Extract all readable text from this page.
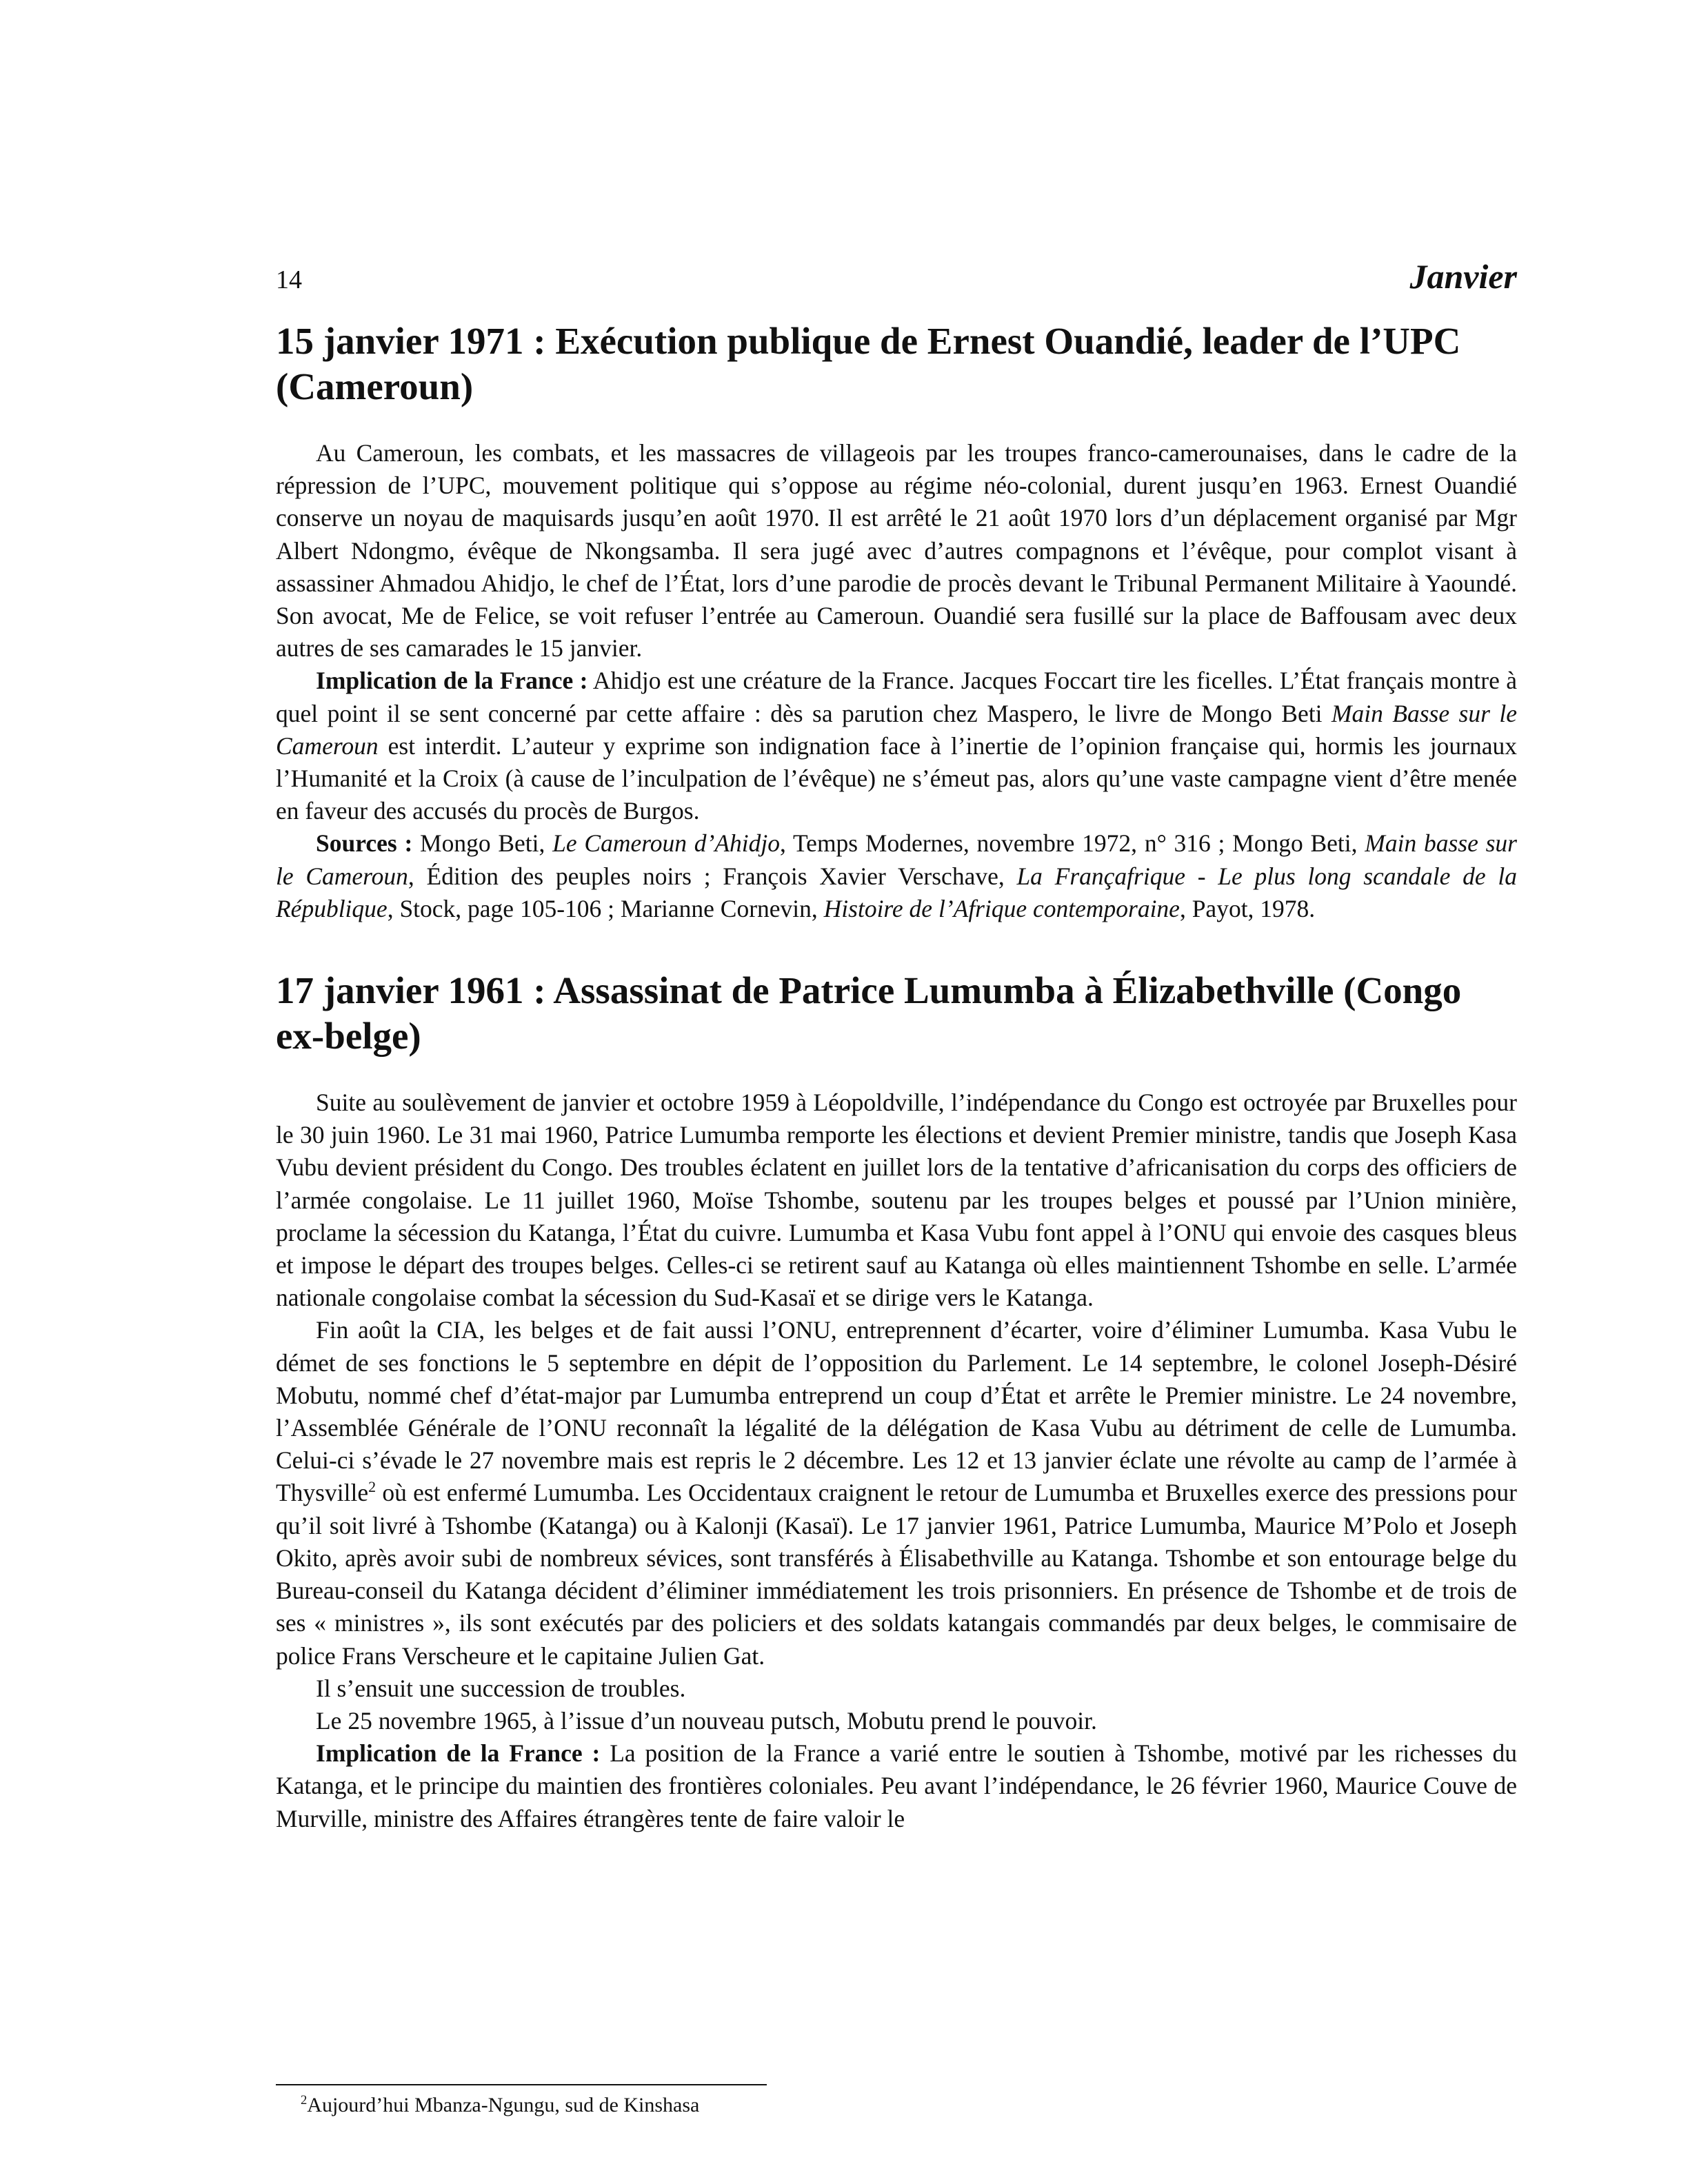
14	Janvier
15 janvier 1971 : Exécution publique de Ernest Ouandié, leader de l’UPC (Cameroun)

Au Cameroun, les combats, et les massacres de villageois par les troupes franco-camerounaises, dans le cadre de la répression de l’UPC, mouvement politique qui s’oppose au régime néo-colonial, durent jusqu’en 1963. Ernest Ouandié conserve un noyau de maquisards jusqu’en août 1970. Il est arrêté le 21 août 1970 lors d’un déplacement organisé par Mgr Albert Ndongmo, évêque de Nkongsamba. Il sera jugé avec d’autres compagnons et l’évêque, pour complot visant à assassiner Ahmadou Ahidjo, le chef de l’État, lors d’une parodie de procès devant le Tribunal Permanent Militaire à Yaoundé. Son avocat, Me de Felice, se voit refuser l’entrée au Cameroun. Ouandié sera fusillé sur la place de Baffousam avec deux autres de ses camarades le 15 janvier.

Implication de la France : Ahidjo est une créature de la France. Jacques Foccart tire les ficelles. L’État français montre à quel point il se sent concerné par cette affaire : dès sa parution chez Maspero, le livre de Mongo Beti Main Basse sur le Cameroun est interdit. L’auteur y exprime son indignation face à l’inertie de l’opinion française qui, hormis les journaux l’Humanité et la Croix (à cause de l’inculpation de l’évêque) ne s’émeut pas, alors qu’une vaste campagne vient d’être menée en faveur des accusés du procès de Burgos.

Sources : Mongo Beti, Le Cameroun d’Ahidjo, Temps Modernes, novembre 1972, n° 316 ; Mongo Beti, Main basse sur le Cameroun, Édition des peuples noirs ; François Xavier Verschave, La Françafrique - Le plus long scandale de la République, Stock, page 105-106 ; Marianne Cornevin, Histoire de l’Afrique contemporaine, Payot, 1978.

17 janvier 1961 : Assassinat de Patrice Lumumba à Élizabethville (Congo ex-belge)

Suite au soulèvement de janvier et octobre 1959 à Léopoldville, l’indépendance du Congo est octroyée par Bruxelles pour le 30 juin 1960. Le 31 mai 1960, Patrice Lumumba remporte les élections et devient Premier ministre, tandis que Joseph Kasa Vubu devient président du Congo. Des troubles éclatent en juillet lors de la tentative d’africanisation du corps des officiers de l’armée congolaise. Le 11 juillet 1960, Moïse Tshombe, soutenu par les troupes belges et poussé par l’Union minière, proclame la sécession du Katanga, l’État du cuivre. Lumumba et Kasa Vubu font appel à l’ONU qui envoie des casques bleus et impose le départ des troupes belges. Celles-ci se retirent sauf au Katanga où elles maintiennent Tshombe en selle. L’armée nationale congolaise combat la sécession du Sud-Kasaï et se dirige vers le Katanga.

Fin août la CIA, les belges et de fait aussi l’ONU, entreprennent d’écarter, voire d’éliminer Lumumba. Kasa Vubu le démet de ses fonctions le 5 septembre en dépit de l’opposition du Parlement. Le 14 septembre, le colonel Joseph-Désiré Mobutu, nommé chef d’état-major par Lumumba entreprend un coup d’État et arrête le Premier ministre. Le 24 novembre, l’Assemblée Générale de l’ONU reconnaît la légalité de la délégation de Kasa Vubu au détriment de celle de Lumumba. Celui-ci s’évade le 27 novembre mais est repris le 2 décembre. Les 12 et 13 janvier éclate une révolte au camp de l’armée à Thysville$^2$ où est enfermé Lumumba. Les Occidentaux craignent le retour de Lumumba et Bruxelles exerce des pressions pour qu’il soit livré à Tshombe (Katanga) ou à Kalonji (Kasaï). Le 17 janvier 1961, Patrice Lumumba, Maurice M’Polo et Joseph Okito, après avoir subi de nombreux sévices, sont transférés à Élisabethville au Katanga. Tshombe et son entourage belge du Bureau-conseil du Katanga décident d’éliminer immédiatement les trois prisonniers. En présence de Tshombe et de trois de ses « ministres », ils sont exécutés par des policiers et des soldats katangais commandés par deux belges, le commisaire de police Frans Verscheure et le capitaine Julien Gat.

Il s’ensuit une succession de troubles.

Le 25 novembre 1965, à l’issue d’un nouveau putsch, Mobutu prend le pouvoir.

Implication de la France : La position de la France a varié entre le soutien à Tshombe, motivé par les richesses du Katanga, et le principe du maintien des frontières coloniales. Peu avant l’indépendance, le 26 février 1960, Maurice Couve de Murville, ministre des Affaires étrangères tente de faire valoir le

$^2$Aujourd’hui Mbanza-Ngungu, sud de Kinshasa
